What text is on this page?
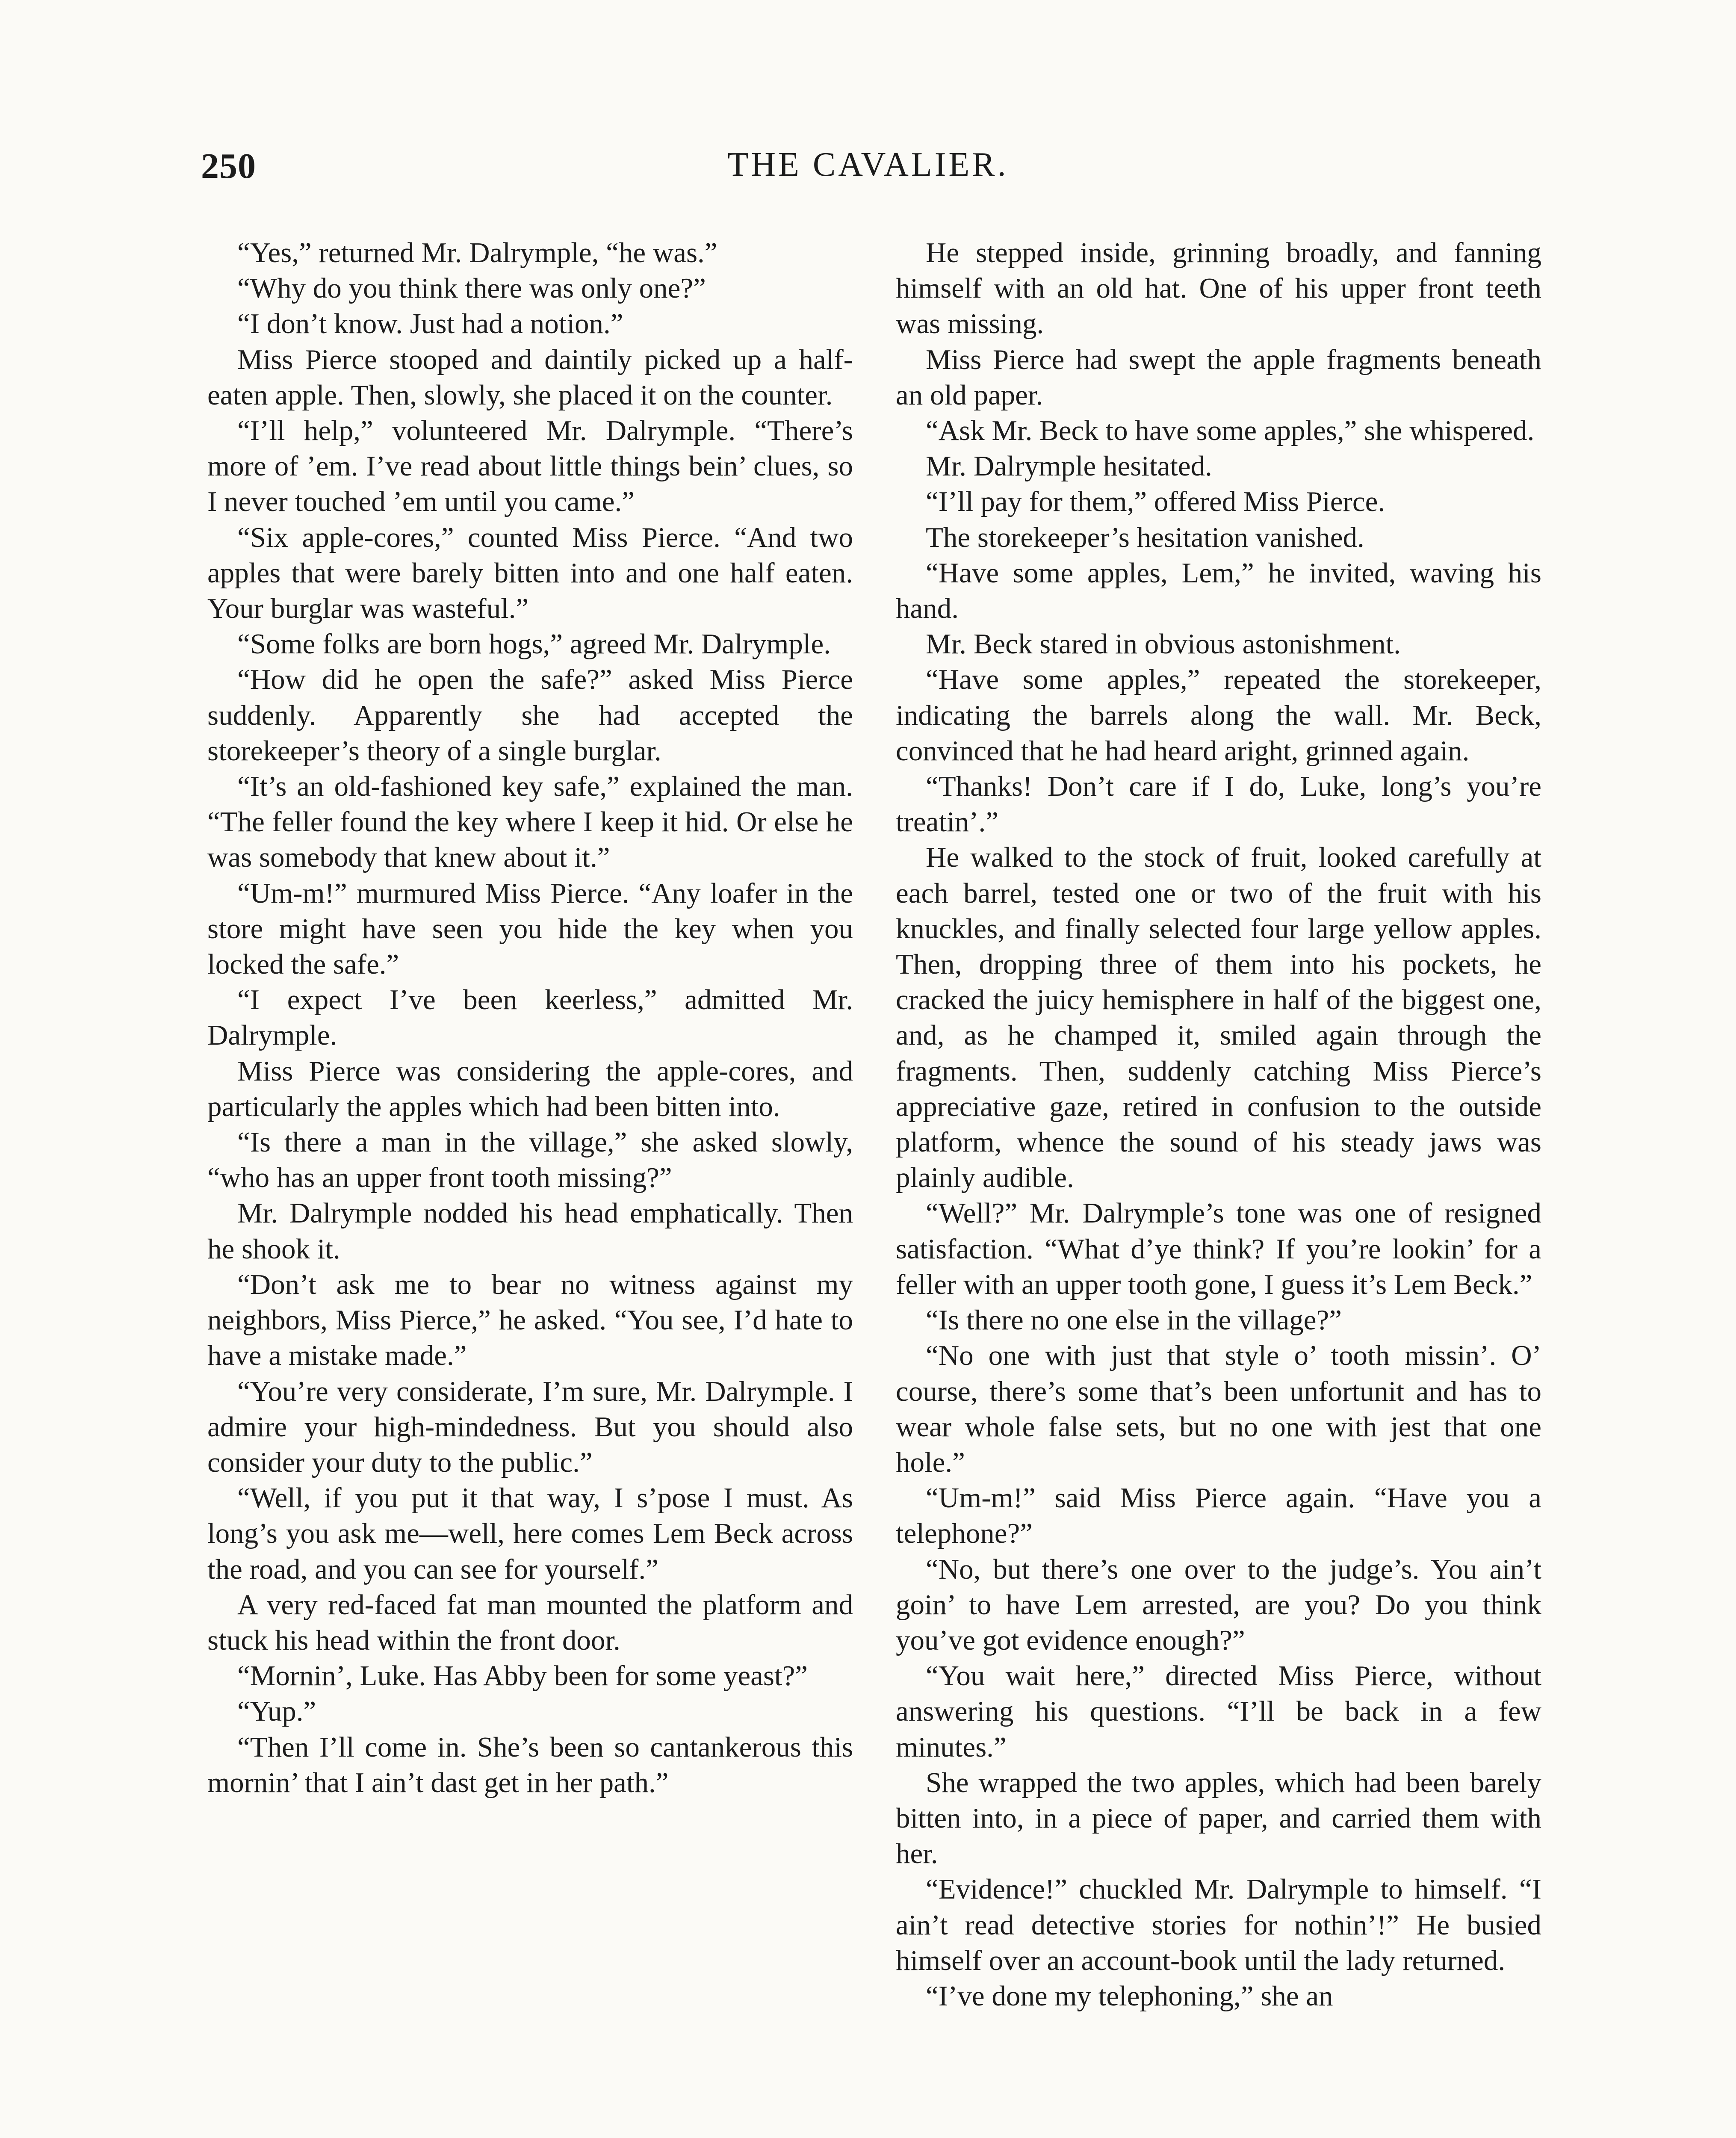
250	THE CAVALIER.

“Yes,” returned Mr. Dalrymple, “he was.”

“Why do you think there was only one?”

“I don’t know. Just had a notion.”

Miss Pierce stooped and daintily picked up a half-eaten apple. Then, slowly, she placed it on the counter.

“I’ll help,” volunteered Mr. Dalrymple. “There’s more of ’em. I’ve read about little things bein’ clues, so I never touched ’em until you came.”

“Six apple-cores,” counted Miss Pierce. “And two apples that were barely bitten into and one half eaten. Your burglar was wasteful.”

“Some folks are born hogs,” agreed Mr. Dalrymple.

“How did he open the safe?” asked Miss Pierce suddenly. Apparently she had accepted the storekeeper’s theory of a single burglar.

“It’s an old-fashioned key safe,” explained the man. “The feller found the key where I keep it hid. Or else he was somebody that knew about it.”

“Um-m!” murmured Miss Pierce. “Any loafer in the store might have seen you hide the key when you locked the safe.”

“I expect I’ve been keerless,” admitted Mr. Dalrymple.

Miss Pierce was considering the apple-cores, and particularly the apples which had been bitten into.

“Is there a man in the village,” she asked slowly, “who has an upper front tooth missing?”

Mr. Dalrymple nodded his head emphatically. Then he shook it.

“Don’t ask me to bear no witness against my neighbors, Miss Pierce,” he asked. “You see, I’d hate to have a mistake made.”

“You’re very considerate, I’m sure, Mr. Dalrymple. I admire your high-mindedness. But you should also consider your duty to the public.”

“Well, if you put it that way, I s’pose I must. As long’s you ask me—well, here comes Lem Beck across the road, and you can see for yourself.”

A very red-faced fat man mounted the platform and stuck his head within the front door.

“Mornin’, Luke. Has Abby been for some yeast?”

“Yup.”

“Then I’ll come in. She’s been so cantankerous this mornin’ that I ain’t dast get in her path.”

He stepped inside, grinning broadly, and fanning himself with an old hat. One of his upper front teeth was missing.

Miss Pierce had swept the apple fragments beneath an old paper.

“Ask Mr. Beck to have some apples,” she whispered.

Mr. Dalrymple hesitated.

“I’ll pay for them,” offered Miss Pierce.

The storekeeper’s hesitation vanished.

“Have some apples, Lem,” he invited, waving his hand.

Mr. Beck stared in obvious astonishment.

“Have some apples,” repeated the storekeeper, indicating the barrels along the wall. Mr. Beck, convinced that he had heard aright, grinned again.

“Thanks! Don’t care if I do, Luke, long’s you’re treatin’.”

He walked to the stock of fruit, looked carefully at each barrel, tested one or two of the fruit with his knuckles, and finally selected four large yellow apples. Then, dropping three of them into his pockets, he cracked the juicy hemisphere in half of the biggest one, and, as he champed it, smiled again through the fragments. Then, suddenly catching Miss Pierce’s appreciative gaze, retired in confusion to the outside platform, whence the sound of his steady jaws was plainly audible.

“Well?” Mr. Dalrymple’s tone was one of resigned satisfaction. “What d’ye think? If you’re lookin’ for a feller with an upper tooth gone, I guess it’s Lem Beck.”

“Is there no one else in the village?”

“No one with just that style o’ tooth missin’. O’ course, there’s some that’s been unfortunit and has to wear whole false sets, but no one with jest that one hole.”

“Um-m!” said Miss Pierce again. “Have you a telephone?”

“No, but there’s one over to the judge’s. You ain’t goin’ to have Lem arrested, are you? Do you think you’ve got evidence enough?”

“You wait here,” directed Miss Pierce, without answering his questions. “I’ll be back in a few minutes.”

She wrapped the two apples, which had been barely bitten into, in a piece of paper, and carried them with her.

“Evidence!” chuckled Mr. Dalrymple to himself. “I ain’t read detective stories for nothin’!” He busied himself over an account-book until the lady returned.

“I’ve done my telephoning,” she an
